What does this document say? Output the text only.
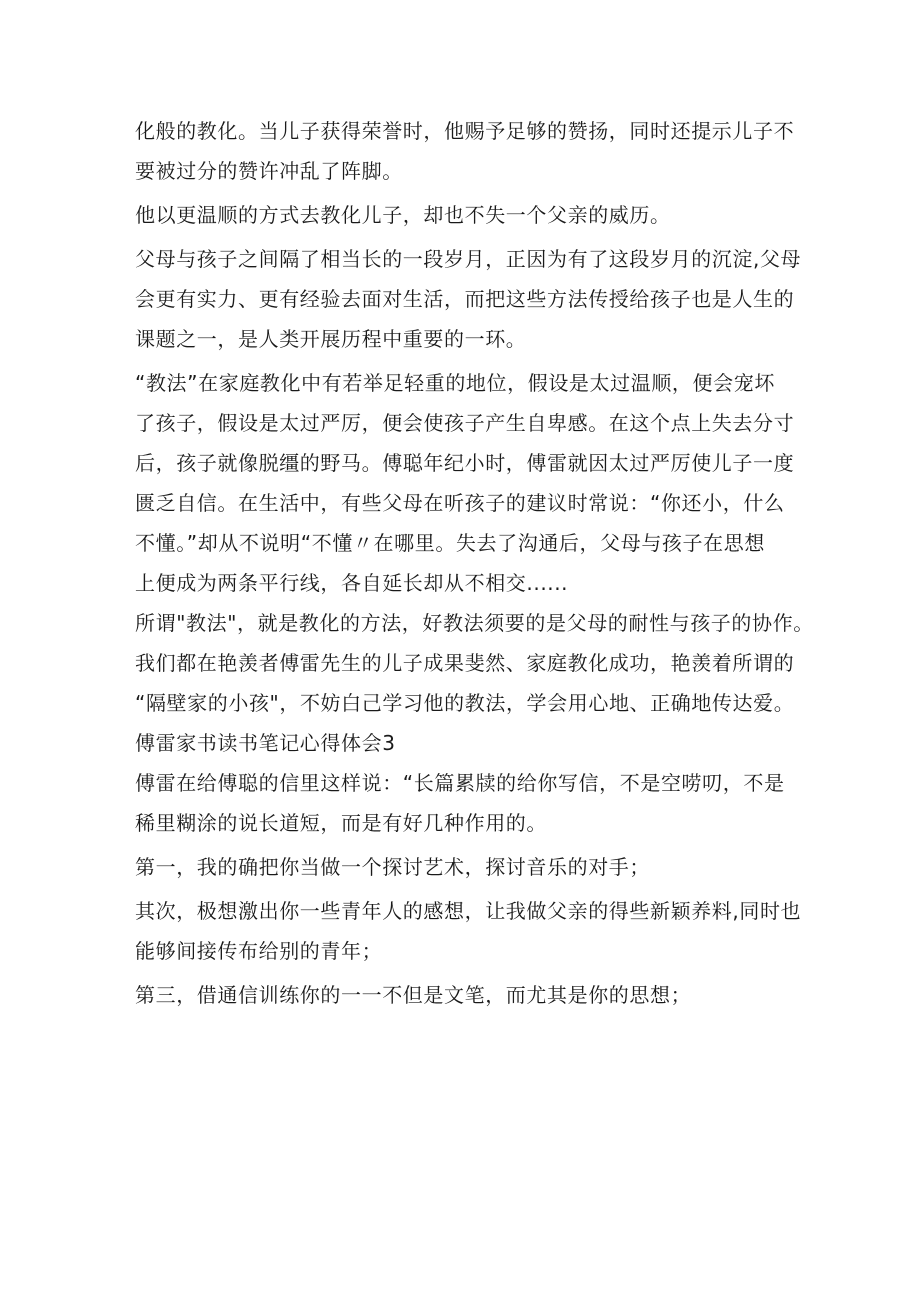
化般的教化。当儿子获得荣誉时，他赐予足够的赞扬，同时还提示儿子不

要被过分的赞许冲乱了阵脚。

他以更温顺的方式去教化儿子，却也不失一个父亲的威历。

父母与孩子之间隔了相当长的一段岁月，正因为有了这段岁月的沉淀,父母

会更有实力、更有经验去面对生活，而把这些方法传授给孩子也是人生的

课题之一，是人类开展历程中重要的一环。

“教法”在家庭教化中有若举足轻重的地位，假设是太过温顺，便会宠坏

了孩子，假设是太过严厉，便会使孩子产生自卑感。在这个点上失去分寸

后，孩子就像脱缰的野马。傅聪年纪小时，傅雷就因太过严厉使儿子一度

匮乏自信。在生活中，有些父母在听孩子的建议时常说：“你还小，什么

不懂。”却从不说明“不懂〃在哪里。失去了沟通后，父母与孩子在思想

上便成为两条平行线，各自延长却从不相交......

所谓"教法"，就是教化的方法，好教法须要的是父母的耐性与孩子的协作。

我们都在艳羡者傅雷先生的儿子成果斐然、家庭教化成功，艳羡着所谓的

“隔壁家的小孩"，不妨白己学习他的教法，学会用心地、正确地传达爱。

傅雷家书读书笔记心得体会3

傅雷在给傅聪的信里这样说：“长篇累牍的给你写信，不是空唠叨，不是

稀里糊涂的说长道短，而是有好几种作用的。

第一，我的确把你当做一个探讨艺术，探讨音乐的对手；

其次，极想激出你一些青年人的感想，让我做父亲的得些新颖养料,同时也

能够间接传布给别的青年；

第三，借通信训练你的一一不但是文笔，而尤其是你的思想；
